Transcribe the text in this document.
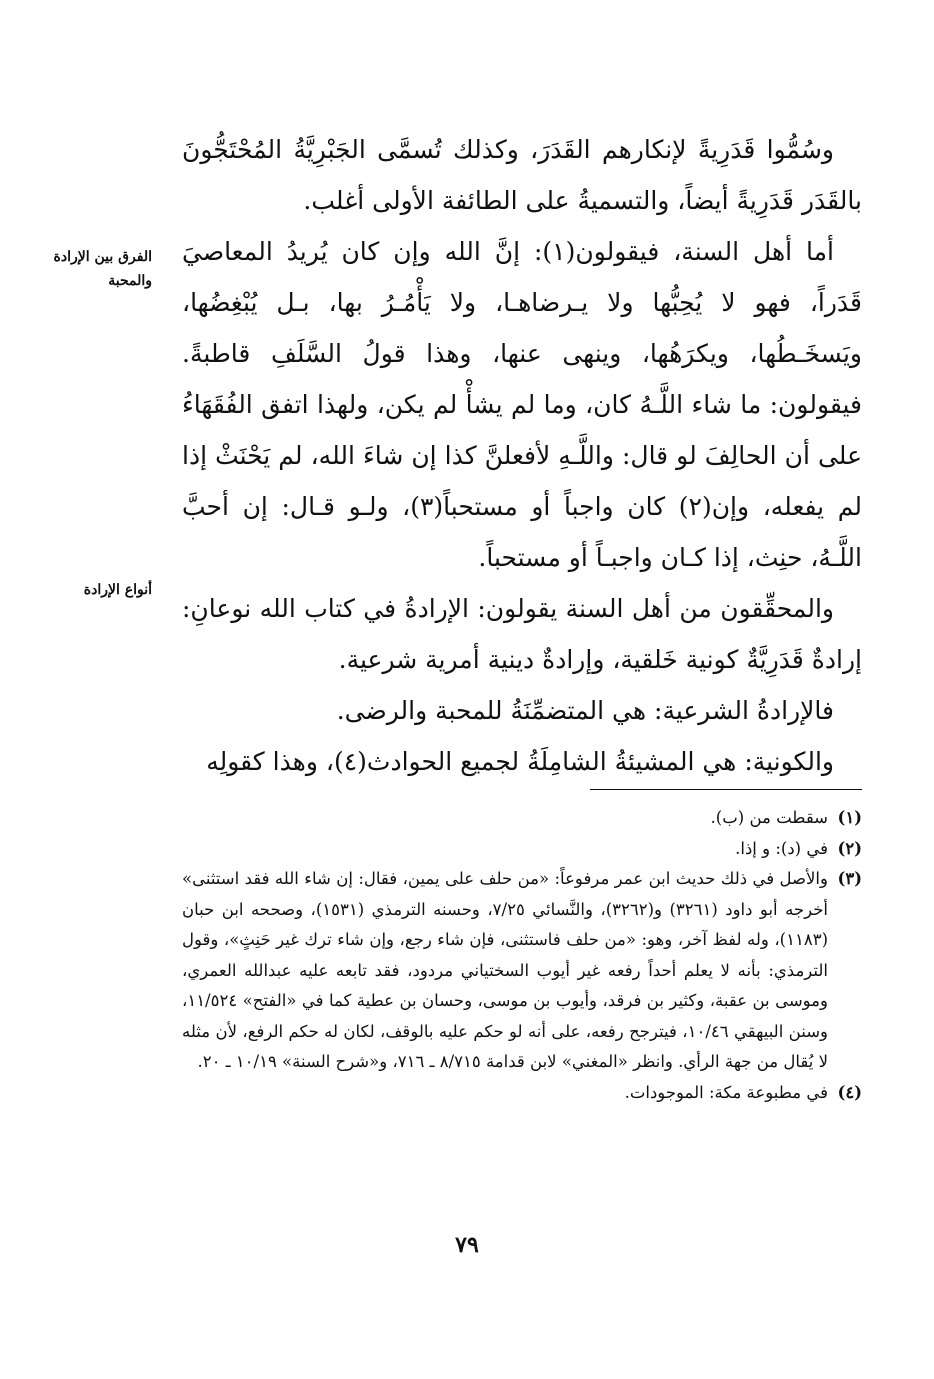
وسُمُّوا قَدَرِيةً لإنكارهم القَدَرَ، وكذلك تُسمَّى الجَبْرِيَّةُ المُحْتَجُّونَ بالقَدَر قَدَرِيةً أيضاً، والتسميةُ على الطائفة الأولى أغلب.

أما أهل السنة، فيقولون(١): إنَّ الله وإن كان يُريدُ المعاصيَ قَدَراً، فهو لا يُحِبُّها ولا يـرضاهـا، ولا يَأْمُـرُ بها، بـل يُبْغِضُها، ويَسخَـطُها، ويكرَهُها، وينهى عنها، وهذا قولُ السَّلَفِ قاطبةً. فيقولون: ما شاء اللَّـهُ كان، وما لم يشأْ لم يكن، ولهذا اتفق الفُقَهَاءُ على أن الحالِفَ لو قال: واللَّـهِ لأفعلنَّ كذا إن شاءَ الله، لم يَحْنَثْ إذا لم يفعله، وإن(٢) كان واجباً أو مستحباً(٣)، ولـو قـال: إن أحبَّ اللَّـهُ، حنِث، إذا كـان واجبـاً أو مستحباً.

والمحقِّقون من أهل السنة يقولون: الإرادةُ في كتاب الله نوعانِ: إرادةٌ قَدَرِيَّةٌ كونية خَلقية، وإرادةٌ دينية أمرية شرعية.

فالإرادةُ الشرعية: هي المتضمِّنَةُ للمحبة والرضى.

والكونية: هي المشيئةُ الشامِلَةُ لجميع الحوادث(٤)، وهذا كقولِه

الفرق بين الإرادة والمحبة
أنواع الإرادة
(١)
سقطت من (ب).
(٢)
في (د): و إذا.
(٣)
والأصل في ذلك حديث ابن عمر مرفوعاً: «من حلف على يمين، فقال: إن شاء الله فقد استثنى» أخرجه أبو داود (٣٢٦١) و(٣٢٦٢)، والنَّسائي ٧/٢٥، وحسنه الترمذي (١٥٣١)، وصححه ابن حبان (١١٨٣)، وله لفظ آخر، وهو: «من حلف فاستثنى، فإن شاء رجع، وإن شاء ترك غير حَنِثٍ»، وقول الترمذي: بأنه لا يعلم أحداً رفعه غير أيوب السختياني مردود، فقد تابعه عليه عبدالله العمري، وموسى بن عقبة، وكثير بن فرقد، وأيوب بن موسى، وحسان بن عطية كما في «الفتح» ١١/٥٢٤، وسنن البيهقي ١٠/٤٦، فيترجح رفعه، على أنه لو حكم عليه بالوقف، لكان له حكم الرفع، لأن مثله لا يُقال من جهة الرأي. وانظر «المغني» لابن قدامة ٨/٧١٥ ـ ٧١٦، و«شرح السنة» ١٠/١٩ ـ ٢٠.
(٤)
في مطبوعة مكة: الموجودات.
٧٩
